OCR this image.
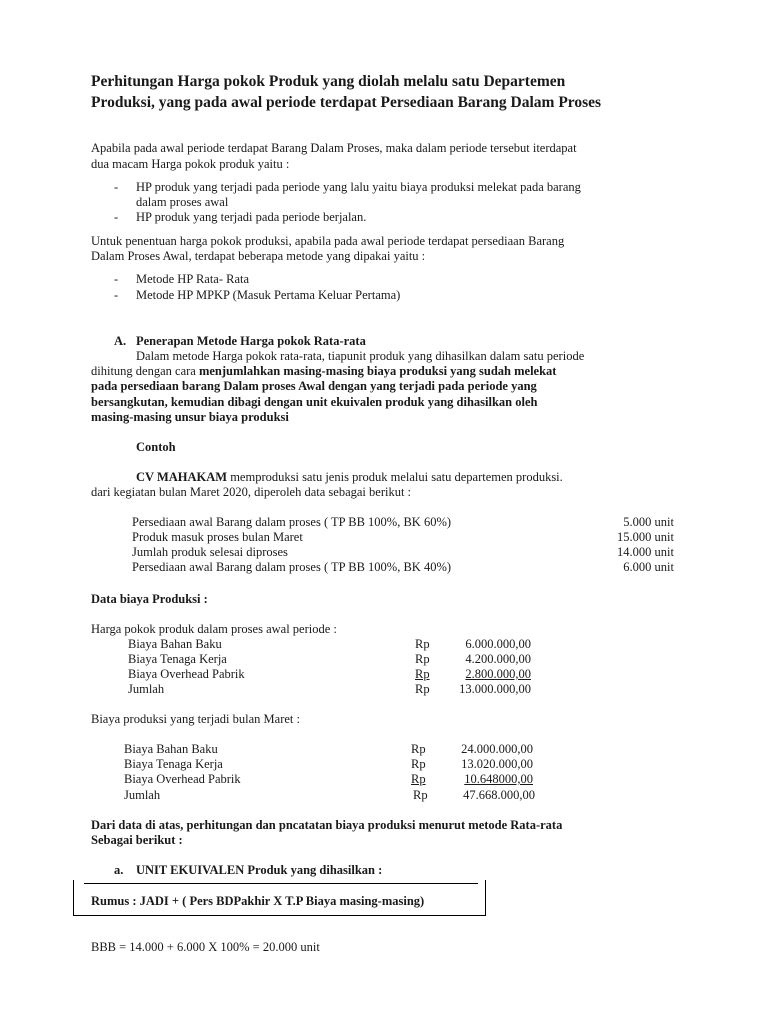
Perhitungan Harga pokok Produk yang diolah melalu satu Departemen
Produksi, yang pada awal periode terdapat Persediaan Barang Dalam Proses
Apabila pada awal periode terdapat Barang Dalam Proses, maka dalam periode tersebut iterdapat
dua macam Harga pokok produk yaitu :
- HP produk yang terjadi pada periode yang lalu yaitu biaya produksi melekat pada barang
dalam proses awal
- HP produk yang terjadi pada periode berjalan.
Untuk penentuan harga pokok produksi, apabila pada awal periode terdapat persediaan Barang
Dalam Proses Awal, terdapat beberapa metode yang dipakai yaitu :
- Metode HP Rata- Rata
- Metode HP MPKP (Masuk Pertama Keluar Pertama)
A. Penerapan Metode Harga pokok Rata-rata
Dalam metode Harga pokok rata-rata, tiapunit produk yang dihasilkan dalam satu periode
dihitung dengan cara menjumlahkan masing-masing biaya produksi yang sudah melekat
pada persediaan barang Dalam proses Awal dengan yang terjadi pada periode yang
bersangkutan, kemudian dibagi dengan unit ekuivalen produk yang dihasilkan oleh
masing-masing unsur biaya produksi
Contoh
CV MAHAKAM memproduksi satu jenis produk melalui satu departemen produksi.
dari kegiatan bulan Maret 2020, diperoleh data sebagai berikut :
Persediaan awal Barang dalam proses ( TP BB 100%, BK 60%)	5.000 unit
Produk masuk proses bulan Maret	15.000 unit
Jumlah produk selesai diproses	14.000 unit
Persediaan awal Barang dalam proses ( TP BB 100%, BK 40%)	6.000 unit
Data biaya Produksi :
Harga pokok produk dalam proses awal periode :
Biaya Bahan Baku	Rp	6.000.000,00
Biaya Tenaga Kerja	Rp	4.200.000,00
Biaya Overhead Pabrik	Rp	2.800.000,00
Jumlah	Rp	13.000.000,00
Biaya produksi yang terjadi bulan Maret :
Biaya Bahan Baku	Rp	24.000.000,00
Biaya Tenaga Kerja	Rp	13.020.000,00
Biaya Overhead Pabrik	Rp	10.648000,00
Jumlah	Rp	47.668.000,00
Dari data di atas, perhitungan dan pncatatan biaya produksi menurut metode Rata-rata
Sebagai berikut :
a. UNIT EKUIVALEN Produk yang dihasilkan :
Rumus : JADI + ( Pers BDPakhir X T.P Biaya masing-masing)
BBB = 14.000 + 6.000 X 100% = 20.000 unit
